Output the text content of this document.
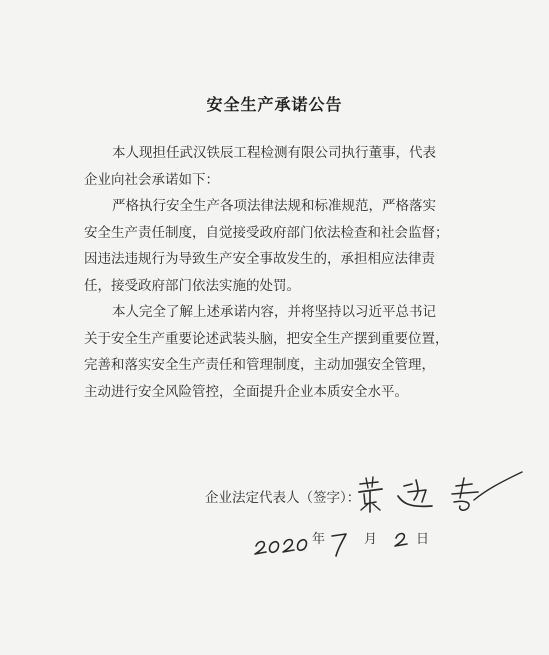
安全生产承诺公告
本人现担任武汉铁辰工程检测有限公司执行董事，代表
企业向社会承诺如下：
严格执行安全生产各项法律法规和标准规范，严格落实
安全生产责任制度，自觉接受政府部门依法检查和社会监督；
因违法违规行为导致生产安全事故发生的，承担相应法律责
任，接受政府部门依法实施的处罚。
本人完全了解上述承诺内容，并将坚持以习近平总书记
关于安全生产重要论述武装头脑，把安全生产摆到重要位置，
完善和落实安全生产责任和管理制度，主动加强安全管理，
主动进行安全风险管控，全面提升企业本质安全水平。
企业法定代表人（签字）：
年	月	日
